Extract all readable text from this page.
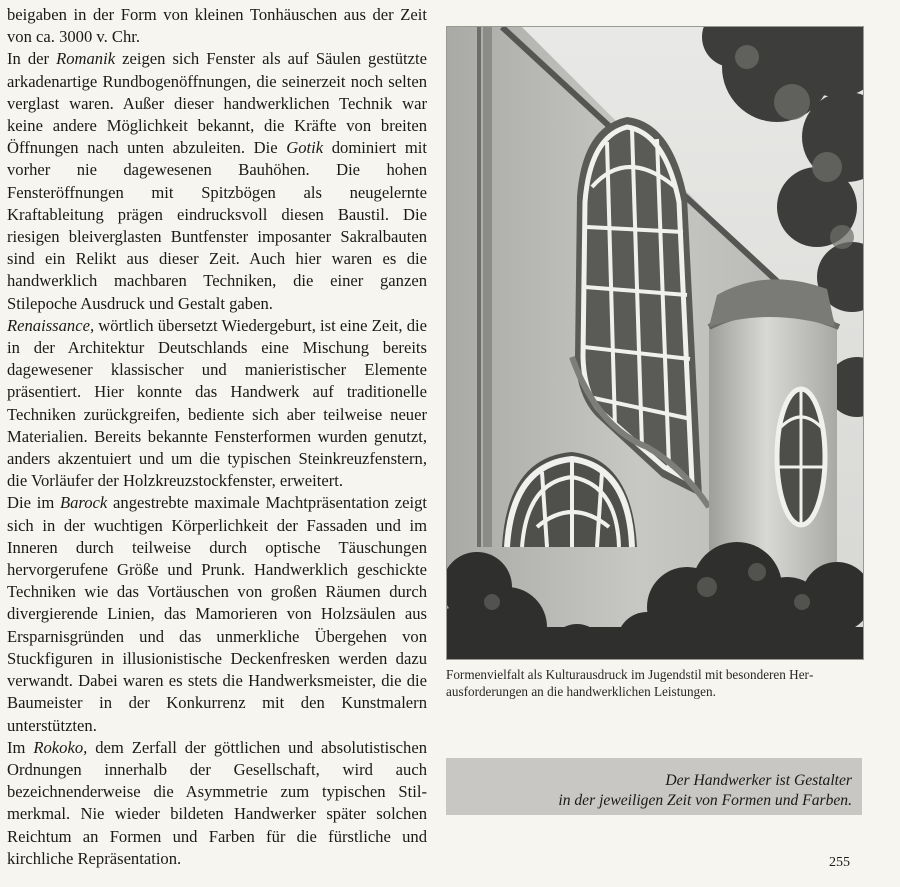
beigaben in der Form von kleinen Tonhäuschen aus der Zeit von ca. 3000 v. Chr.

In der Romanik zeigen sich Fenster als auf Säulen gestützte arkadenartige Rundbogenöffnungen, die seinerzeit noch selten verglast waren. Außer dieser handwerklichen Technik war keine andere Möglichkeit bekannt, die Kräfte von breiten Öffnungen nach unten abzuleiten. Die Gotik dominiert mit vorher nie dagewesenen Bauhöhen. Die hohen Fensteröffnungen mit Spitzbögen als neugelernte Kraftableitung prägen eindrucksvoll diesen Baustil. Die riesigen bleiverglasten Buntfenster imposanter Sakralbauten sind ein Relikt aus dieser Zeit. Auch hier waren es die handwerklich machbaren Techniken, die einer ganzen Stilepoche Ausdruck und Gestalt gaben.

Renaissance, wörtlich übersetzt Wiedergeburt, ist eine Zeit, die in der Architektur Deutschlands eine Mischung bereits dagewesener klassischer und manieristischer Elemente präsentiert. Hier konnte das Handwerk auf traditionelle Techniken zurückgreifen, bediente sich aber teilweise neuer Materialien. Bereits bekannte Fensterformen wurden genutzt, anders akzentuiert und um die typischen Steinkreuzfenstern, die Vorläufer der Holzkreuzstockfenster, erweitert.

Die im Barock angestrebte maximale Machtpräsentation zeigt sich in der wuchtigen Körperlichkeit der Fassaden und im Inneren durch teilweise durch optische Täuschungen hervorgerufene Größe und Prunk. Handwerklich geschickte Techniken wie das Vortäuschen von großen Räumen durch divergierende Linien, das Mamorieren von Holzsäulen aus Ersparnisgründen und das unmerkliche Übergehen von Stuckfiguren in illusionistische Deckenfresken werden dazu verwandt. Dabei waren es stets die Handwerksmeister, die die Baumeister in der Konkurrenz mit den Kunstmalern unterstützten.

Im Rokoko, dem Zerfall der göttlichen und absolutistischen Ordnungen innerhalb der Gesellschaft, wird auch bezeichnenderweise die Asymmetrie zum typischen Stilmerkmal. Nie wieder bildeten Handwerker später solchen Reichtum an Formen und Farben für die fürstliche und kirchliche Repräsentation.

Formenvielfalt als Kulturausdruck im Jugendstil mit besonderen Herausforderungen an die handwerklichen Leistungen.
Der Handwerker ist Gestalter
in der jeweiligen Zeit von Formen und Farben.
255
